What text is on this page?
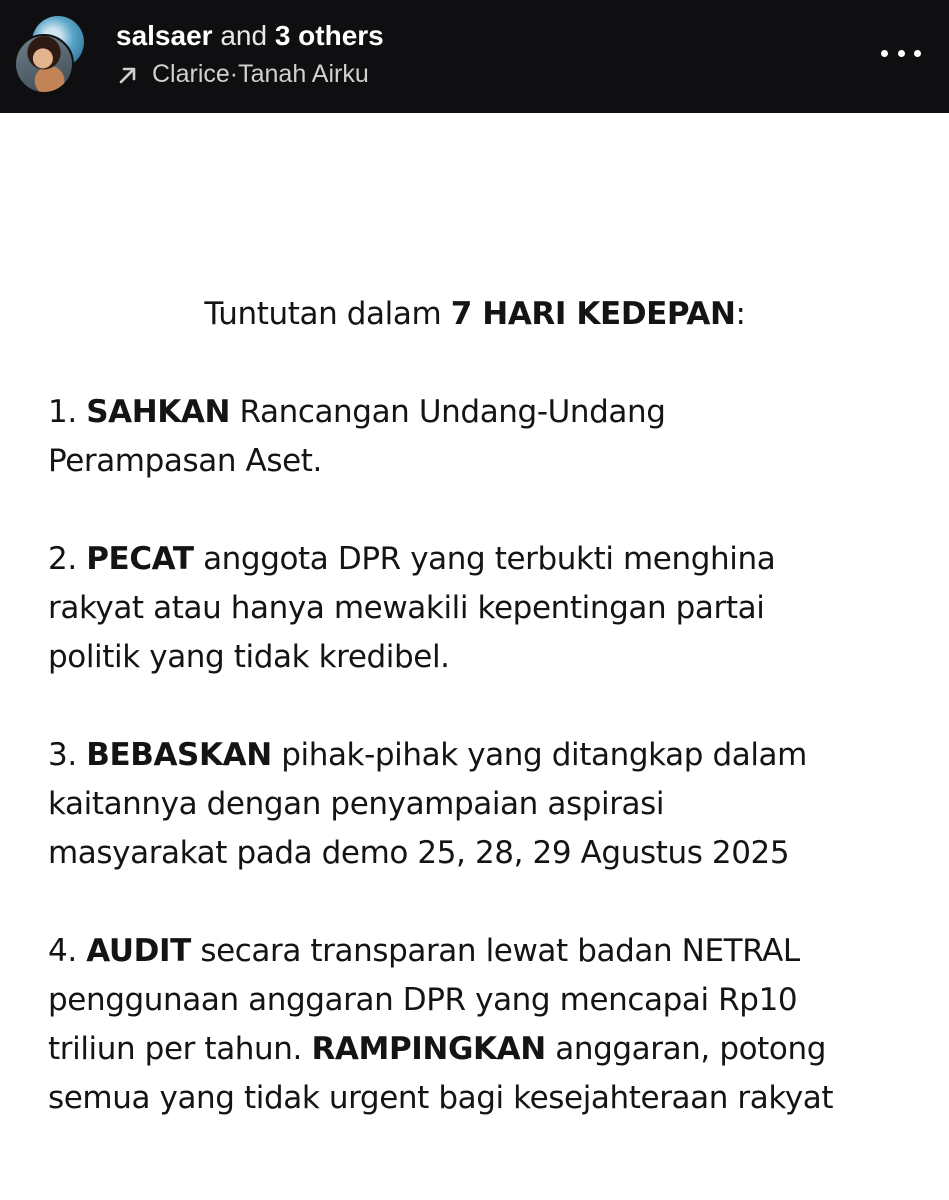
salsaer and 3 others
Clarice · Tanah Airku
Tuntutan dalam 7 HARI KEDEPAN:
1. SAHKAN Rancangan Undang-Undang
Perampasan Aset.
2. PECAT anggota DPR yang terbukti menghina
rakyat atau hanya mewakili kepentingan partai
politik yang tidak kredibel.
3. BEBASKAN pihak-pihak yang ditangkap dalam
kaitannya dengan penyampaian aspirasi
masyarakat pada demo 25, 28, 29 Agustus 2025
4. AUDIT secara transparan lewat badan NETRAL
penggunaan anggaran DPR yang mencapai Rp10
triliun per tahun. RAMPINGKAN anggaran, potong
semua yang tidak urgent bagi kesejahteraan rakyat
